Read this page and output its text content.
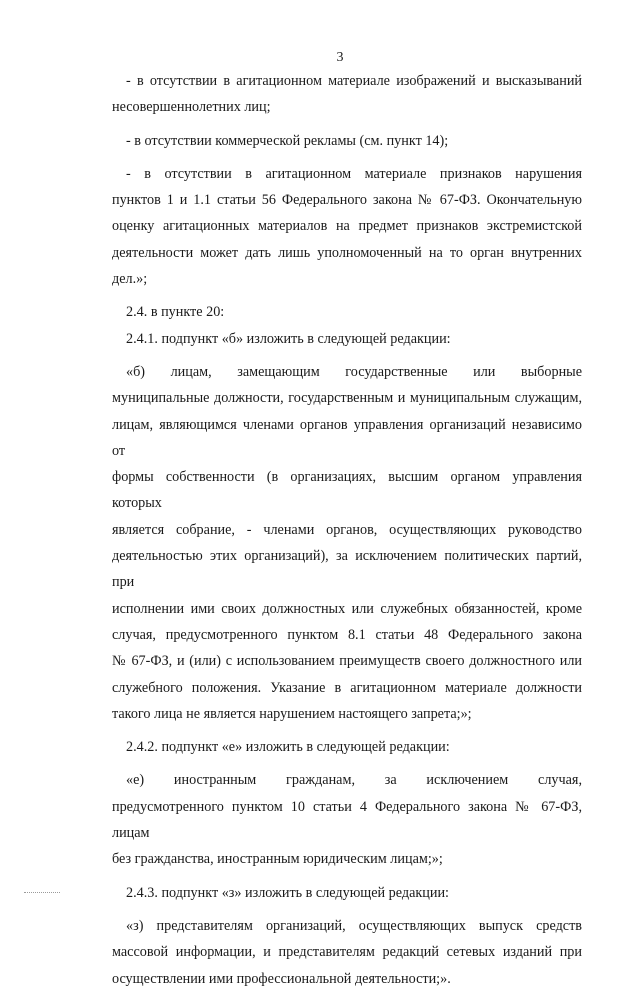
3
- в отсутствии в агитационном материале изображений и высказываний
несовершеннолетних лиц;
- в отсутствии коммерческой рекламы (см. пункт 14);
- в отсутствии в агитационном материале признаков нарушения
пунктов 1 и 1.1 статьи 56 Федерального закона № 67-ФЗ. Окончательную
оценку агитационных материалов на предмет признаков экстремистской
деятельности может дать лишь уполномоченный на то орган внутренних
дел.»;
2.4. в пункте 20:
2.4.1. подпункт «б» изложить в следующей редакции:
«б) лицам, замещающим государственные или выборные
муниципальные должности, государственным и муниципальным служащим,
лицам, являющимся членами органов управления организаций независимо от
формы собственности (в организациях, высшим органом управления которых
является собрание, - членами органов, осуществляющих руководство
деятельностью этих организаций), за исключением политических партий, при
исполнении ими своих должностных или служебных обязанностей, кроме
случая, предусмотренного пунктом 8.1 статьи 48 Федерального закона
№ 67-ФЗ, и (или) с использованием преимуществ своего должностного или
служебного положения. Указание в агитационном материале должности
такого лица не является нарушением настоящего запрета;»;
2.4.2. подпункт «е» изложить в следующей редакции:
«е) иностранным гражданам, за исключением случая,
предусмотренного пунктом 10 статьи 4 Федерального закона № 67-ФЗ, лицам
без гражданства, иностранным юридическим лицам;»;
2.4.3. подпункт «з» изложить в следующей редакции:
«з) представителям организаций, осуществляющих выпуск средств
массовой информации, и представителям редакций сетевых изданий при
осуществлении ими профессиональной деятельности;».
